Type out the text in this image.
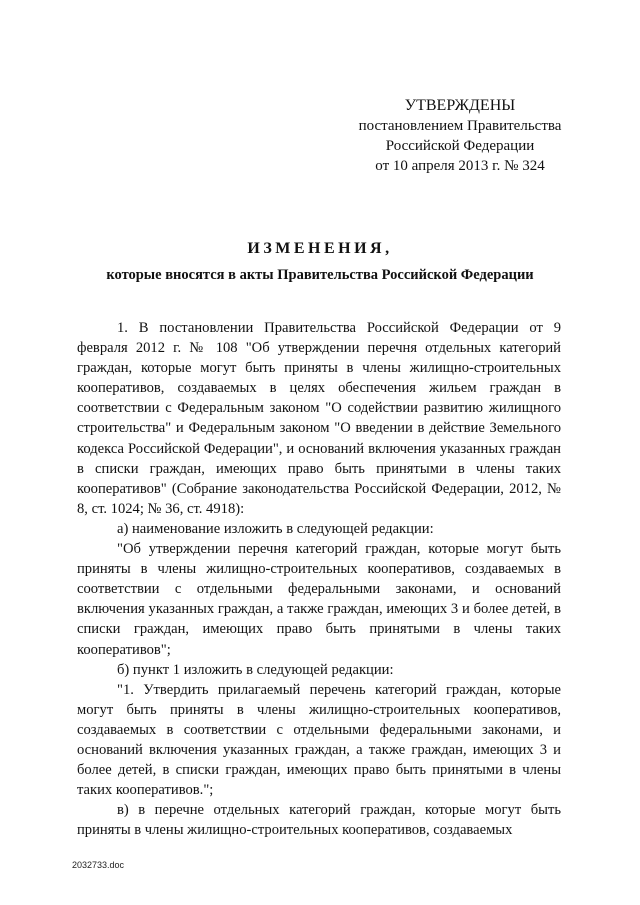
УТВЕРЖДЕНЫ
постановлением Правительства
Российской Федерации
от 10 апреля 2013 г. № 324
ИЗМЕНЕНИЯ,
которые вносятся в акты Правительства Российской Федерации

1. В постановлении Правительства Российской Федерации от 9 февраля 2012 г. № 108 "Об утверждении перечня отдельных категорий граждан, которые могут быть приняты в члены жилищно-строительных кооперативов, создаваемых в целях обеспечения жильем граждан в соответствии с Федеральным законом "О содействии развитию жилищного строительства" и Федеральным законом "О введении в действие Земельного кодекса Российской Федерации", и оснований включения указанных граждан в списки граждан, имеющих право быть принятыми в члены таких кооперативов" (Собрание законодательства Российской Федерации, 2012, № 8, ст. 1024; № 36, ст. 4918):

а) наименование изложить в следующей редакции:

"Об утверждении перечня категорий граждан, которые могут быть приняты в члены жилищно-строительных кооперативов, создаваемых в соответствии с отдельными федеральными законами, и оснований включения указанных граждан, а также граждан, имеющих 3 и более детей, в списки граждан, имеющих право быть принятыми в члены таких кооперативов";

б) пункт 1 изложить в следующей редакции:

"1. Утвердить прилагаемый перечень категорий граждан, которые могут быть приняты в члены жилищно-строительных кооперативов, создаваемых в соответствии с отдельными федеральными законами, и оснований включения указанных граждан, а также граждан, имеющих 3 и более детей, в списки граждан, имеющих право быть принятыми в члены таких кооперативов.";

в) в перечне отдельных категорий граждан, которые могут быть приняты в члены жилищно-строительных кооперативов, создаваемых

2032733.doc
